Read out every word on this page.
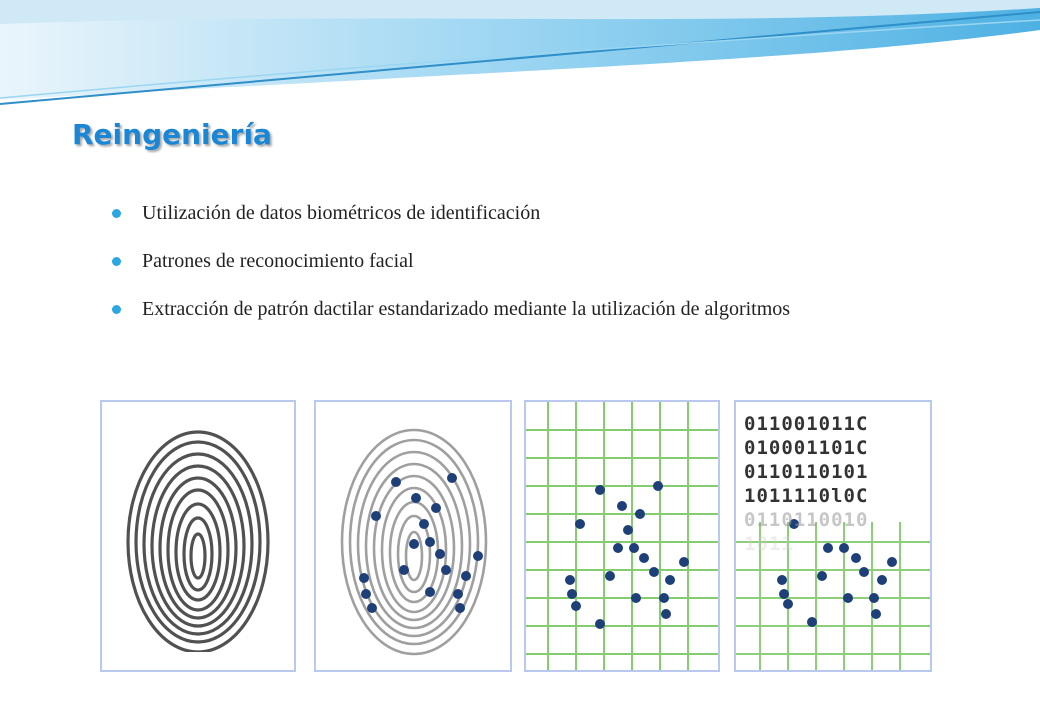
Reingeniería
Utilización de datos biométricos de identificación
Patrones de reconocimiento facial
Extracción de patrón dactilar estandarizado mediante la utilización de algoritmos
011001011C
010001101C
0110110101
1011110l0C
0110110010
1011
